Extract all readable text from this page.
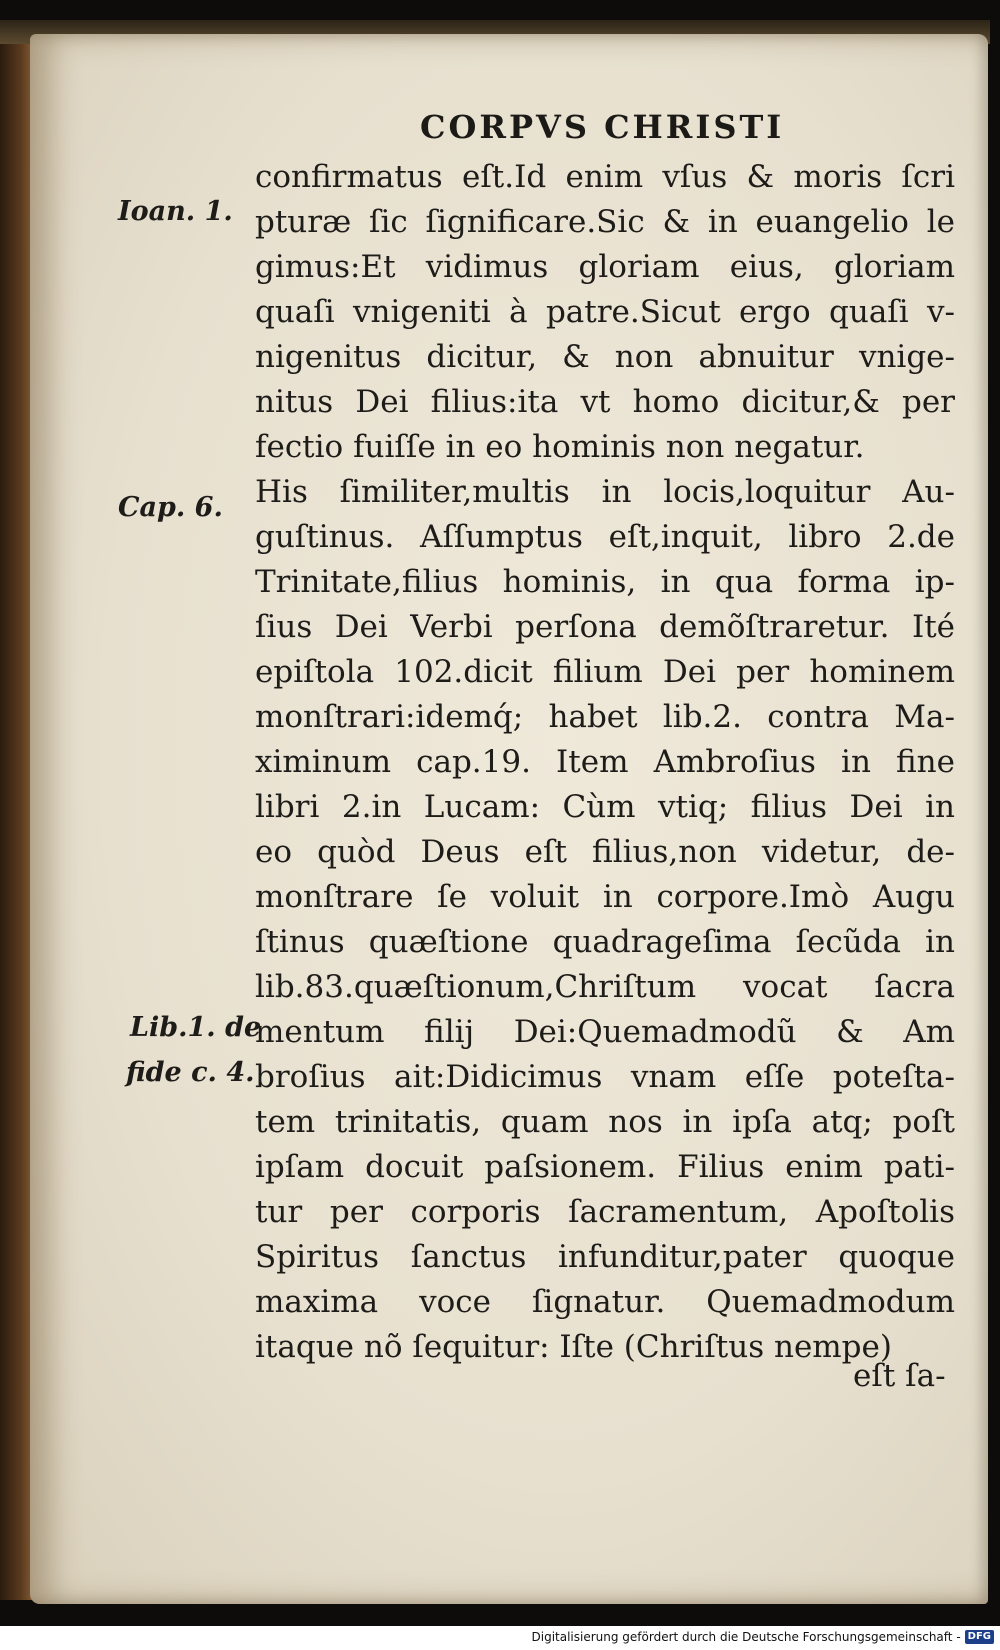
CORPVS CHRISTI
Ioan. 1.
Cap. 6.
Lib.1. de
fide c. 4.
confirmatus eſt.Id enim vſus & moris ſcri
pturæ ſic ſignificare.Sic & in euangelio le
gimus:Et vidimus gloriam eius, gloriam
quaſi vnigeniti à patre.Sicut ergo quaſi v-
nigenitus dicitur, & non abnuitur vnige-
nitus Dei filius:ita vt homo dicitur,& per
fectio fuiſſe in eo hominis non negatur.
His ſimiliter,multis in locis,loquitur Au-
guſtinus. Aſſumptus eſt,inquit, libro 2.de
Trinitate,filius hominis, in qua forma ip-
ſius Dei Verbi perſona demõſtraretur. Ité
epiſtola 102.dicit filium Dei per hominem
monſtrari:idemq́; habet lib.2. contra Ma-
ximinum cap.19. Item Ambroſius in fine
libri 2.in Lucam: Cùm vtiq; filius Dei in
eo quòd Deus eſt filius,non videtur, de-
monſtrare ſe voluit in corpore.Imò Augu
ſtinus quæſtione quadrageſima ſecũda in
lib.83.quæſtionum,Chriſtum vocat ſacra
mentum filij Dei:Quemadmodũ & Am
broſius ait:Didicimus vnam eſſe poteſta-
tem trinitatis, quam nos in ipſa atq; poſt
ipſam docuit paſsionem. Filius enim pati-
tur per corporis ſacramentum, Apoſtolis
Spiritus ſanctus infunditur,pater quoque
maxima voce ſignatur. Quemadmodum
itaque nõ ſequitur: Iſte (Chriſtus nempe)
eſt ſa-
Digitalisierung gefördert durch die Deutsche Forschungsgemeinschaft - DFG
